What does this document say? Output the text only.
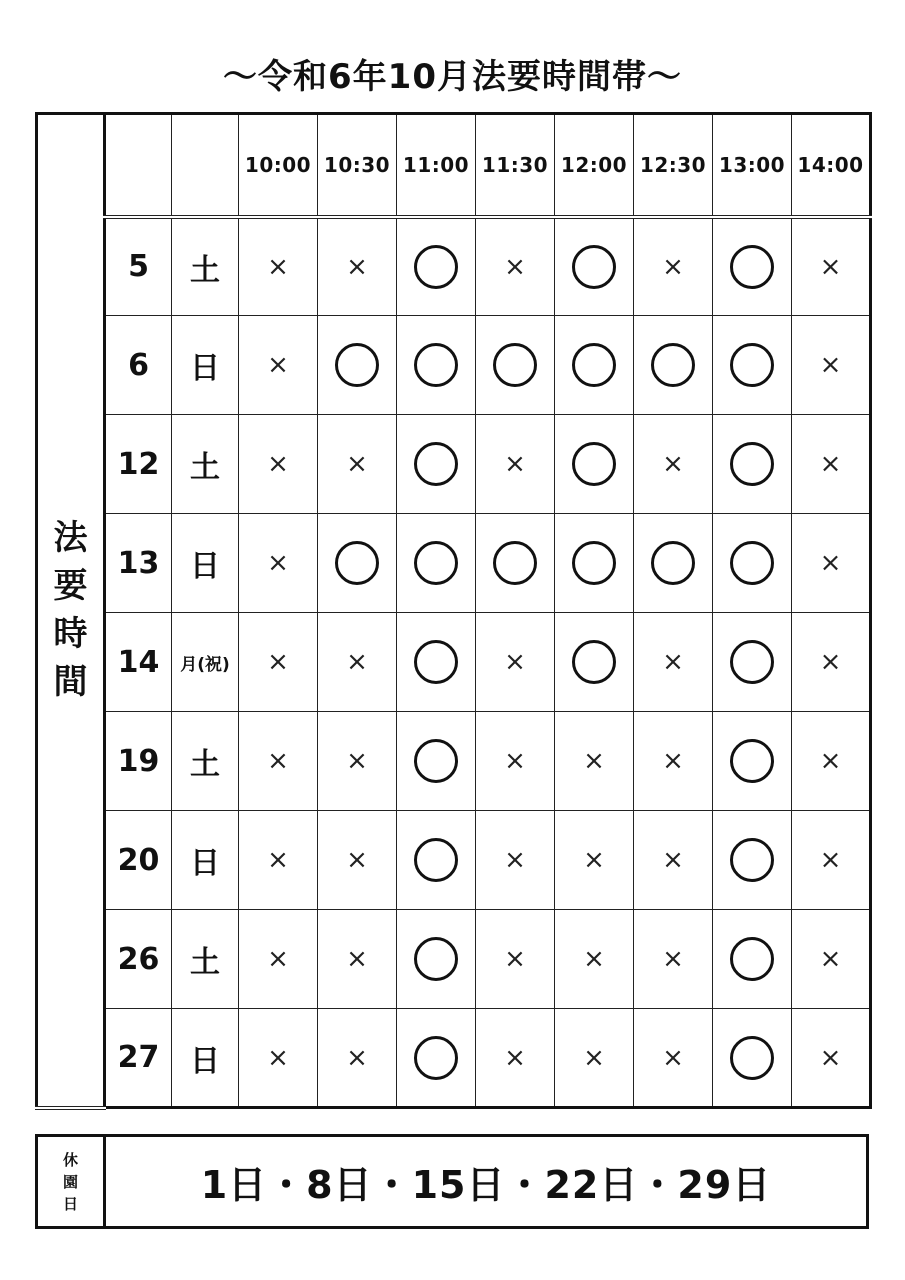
〜令和6年10月法要時間帯〜
法
要
時
間			10:00	10:30	11:00	11:30	12:00	12:30	13:00	14:00
	5	土	×	×		×		×		×
	6	日	×							×
	12	土	×	×		×		×		×
	13	日	×							×
	14	月(祝)	×	×		×		×		×
	19	土	×	×		×	×	×		×
	20	日	×	×		×	×	×		×
	26	土	×	×		×	×	×		×
	27	日	×	×		×	×	×		×
休
園
日	1日・8日・15日・22日・29日
